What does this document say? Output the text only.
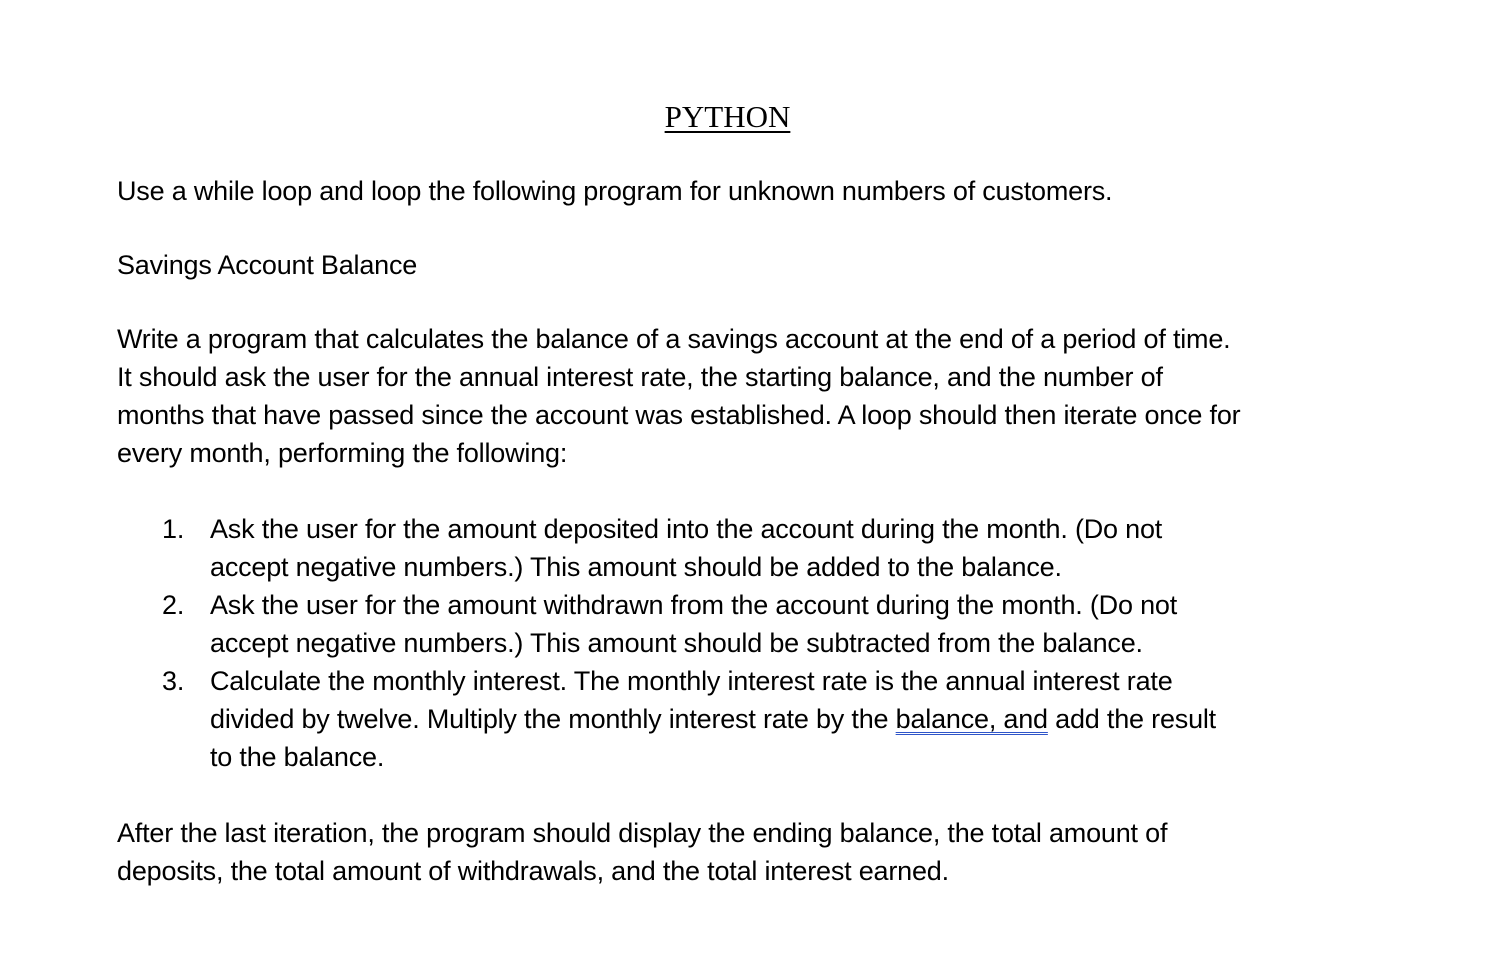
PYTHON
Use a while loop and loop the following program for unknown numbers of customers.
Savings Account Balance
Write a program that calculates the balance of a savings account at the end of a period of time.
It should ask the user for the annual interest rate, the starting balance, and the number of
months that have passed since the account was established. A loop should then iterate once for
every month, performing the following:
1. Ask the user for the amount deposited into the account during the month. (Do not
accept negative numbers.) This amount should be added to the balance.
2. Ask the user for the amount withdrawn from the account during the month. (Do not
accept negative numbers.) This amount should be subtracted from the balance.
3. Calculate the monthly interest. The monthly interest rate is the annual interest rate
divided by twelve. Multiply the monthly interest rate by the balance, and add the result
to the balance.
After the last iteration, the program should display the ending balance, the total amount of
deposits, the total amount of withdrawals, and the total interest earned.
